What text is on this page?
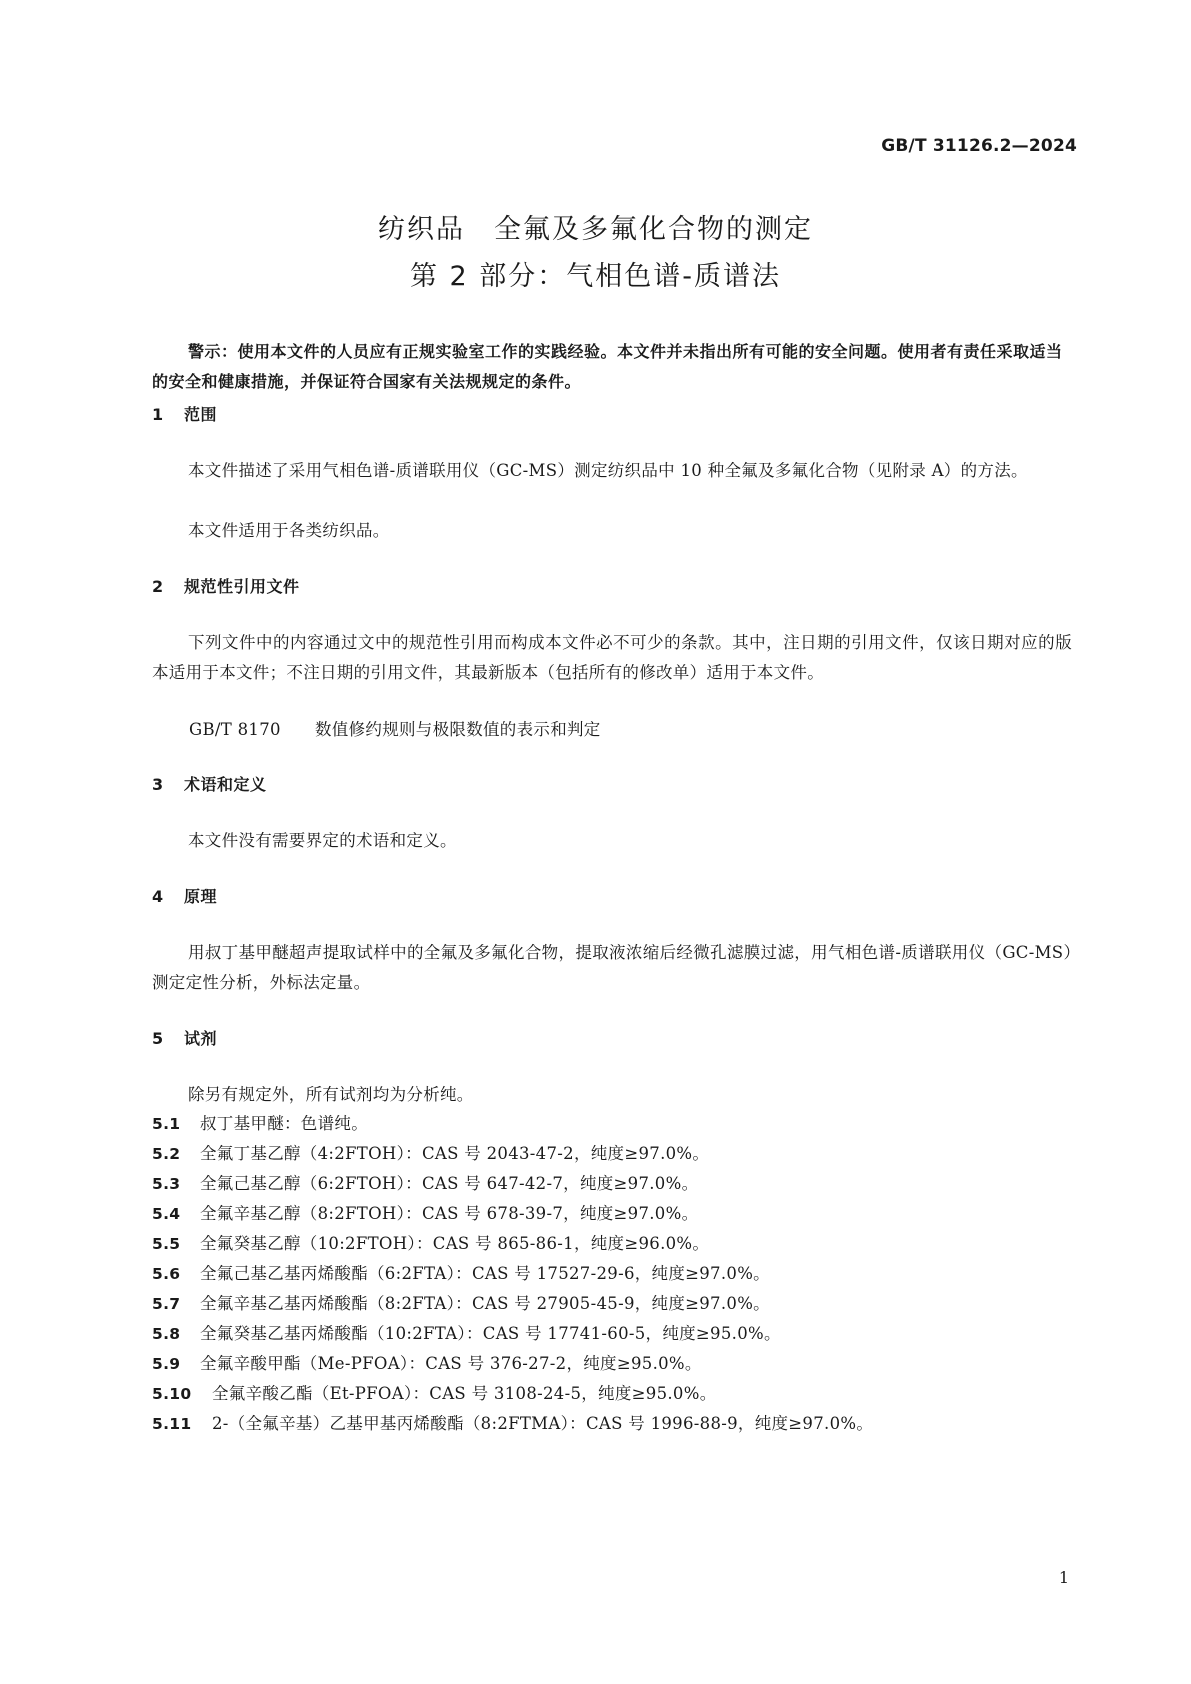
GB/T 31126.2—2024
纺织品　全氟及多氟化合物的测定
第 2 部分：气相色谱-质谱法
警示：使用本文件的人员应有正规实验室工作的实践经验。本文件并未指出所有可能的安全问题。使用者有责任采取适当的安全和健康措施，并保证符合国家有关法规规定的条件。
1 范围
本文件描述了采用气相色谱-质谱联用仪（GC-MS）测定纺织品中 10 种全氟及多氟化合物（见附录 A）的方法。
本文件适用于各类纺织品。
2 规范性引用文件
下列文件中的内容通过文中的规范性引用而构成本文件必不可少的条款。其中，注日期的引用文件，仅该日期对应的版本适用于本文件；不注日期的引用文件，其最新版本（包括所有的修改单）适用于本文件。
GB/T 8170 数值修约规则与极限数值的表示和判定
3 术语和定义
本文件没有需要界定的术语和定义。
4 原理
用叔丁基甲醚超声提取试样中的全氟及多氟化合物，提取液浓缩后经微孔滤膜过滤，用气相色谱-质谱联用仪（GC-MS）测定定性分析，外标法定量。
5 试剂
除另有规定外，所有试剂均为分析纯。
5.1 叔丁基甲醚：色谱纯。
5.2 全氟丁基乙醇（4:2FTOH）：CAS 号 2043-47-2，纯度≥97.0%。
5.3 全氟己基乙醇（6:2FTOH）：CAS 号 647-42-7，纯度≥97.0%。
5.4 全氟辛基乙醇（8:2FTOH）：CAS 号 678-39-7，纯度≥97.0%。
5.5 全氟癸基乙醇（10:2FTOH）：CAS 号 865-86-1，纯度≥96.0%。
5.6 全氟己基乙基丙烯酸酯（6:2FTA）：CAS 号 17527-29-6，纯度≥97.0%。
5.7 全氟辛基乙基丙烯酸酯（8:2FTA）：CAS 号 27905-45-9，纯度≥97.0%。
5.8 全氟癸基乙基丙烯酸酯（10:2FTA）：CAS 号 17741-60-5，纯度≥95.0%。
5.9 全氟辛酸甲酯（Me-PFOA）：CAS 号 376-27-2，纯度≥95.0%。
5.10 全氟辛酸乙酯（Et-PFOA）：CAS 号 3108-24-5，纯度≥95.0%。
5.11 2-（全氟辛基）乙基甲基丙烯酸酯（8:2FTMA）：CAS 号 1996-88-9，纯度≥97.0%。
1
